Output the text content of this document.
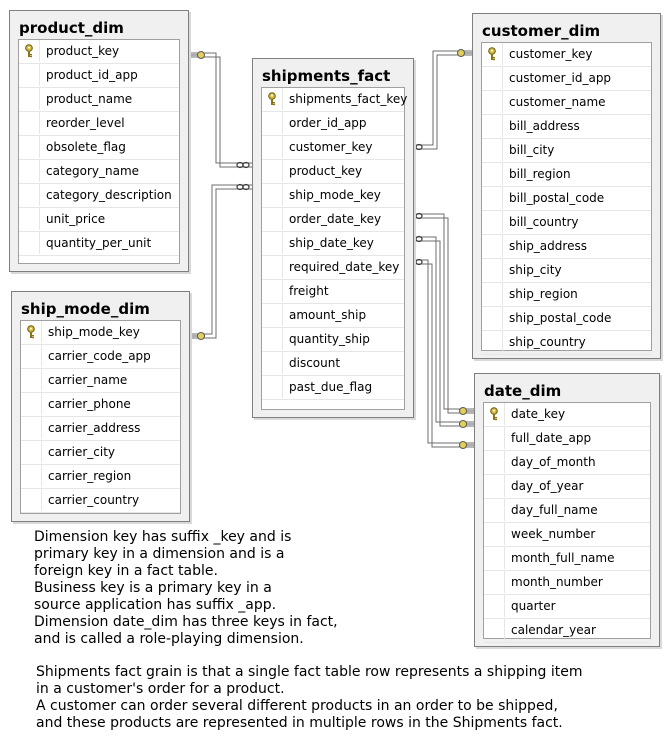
product_dim
product_key
product_id_app
product_name
reorder_level
obsolete_flag
category_name
category_description
unit_price
quantity_per_unit
ship_mode_dim
ship_mode_key
carrier_code_app
carrier_name
carrier_phone
carrier_address
carrier_city
carrier_region
carrier_country
shipments_fact
shipments_fact_key
order_id_app
customer_key
product_key
ship_mode_key
order_date_key
ship_date_key
required_date_key
freight
amount_ship
quantity_ship
discount
past_due_flag
customer_dim
customer_key
customer_id_app
customer_name
bill_address
bill_city
bill_region
bill_postal_code
bill_country
ship_address
ship_city
ship_region
ship_postal_code
ship_country
date_dim
date_key
full_date_app
day_of_month
day_of_year
day_full_name
week_number
month_full_name
month_number
quarter
calendar_year
Dimension key has suffix _key and is
primary key in a dimension and is a
foreign key in a fact table.
Business key is a primary key in a
source application has suffix _app.
Dimension date_dim has three keys in fact,
and is called a role-playing dimension.
Shipments fact grain is that a single fact table row represents a shipping item
in a customer's order for a product.
A customer can order several different products in an order to be shipped,
and these products are represented in multiple rows in the Shipments fact.
